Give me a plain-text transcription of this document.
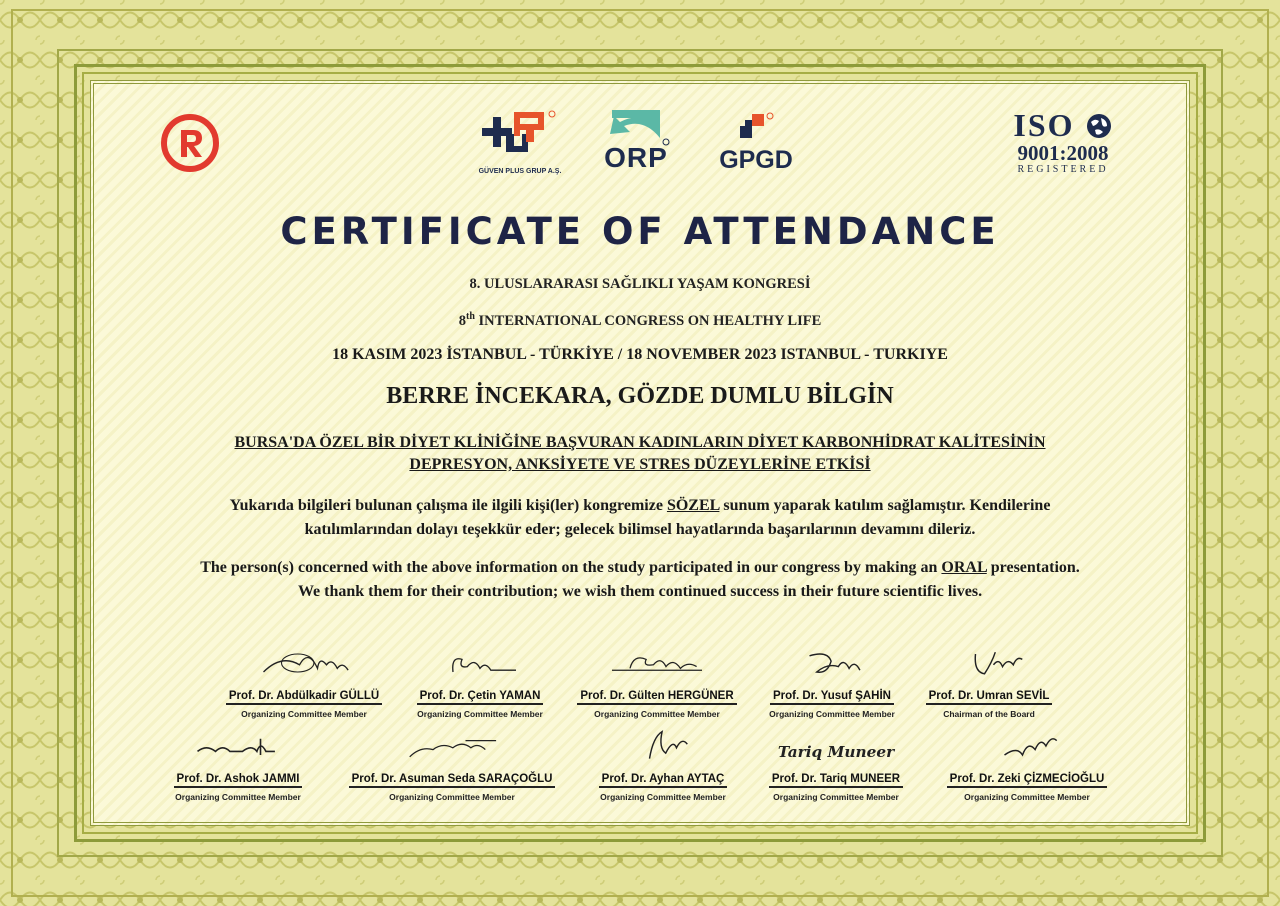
GÜVEN PLUS GRUP A.Ş.	ORP	GPGD
ISO
9001:2008
REGISTERED
CERTIFICATE OF ATTENDANCE
8. ULUSLARARASI SAĞLIKLI YAŞAM KONGRESİ
8th INTERNATIONAL CONGRESS ON HEALTHY LIFE
18 KASIM 2023 İSTANBUL - TÜRKİYE / 18 NOVEMBER 2023 ISTANBUL - TURKIYE
BERRE İNCEKARA, GÖZDE DUMLU BİLGİN
BURSA'DA ÖZEL BİR DİYET KLİNİĞİNE BAŞVURAN KADINLARIN DİYET KARBONHİDRAT KALİTESİNİN
DEPRESYON, ANKSİYETE VE STRES DÜZEYLERİNE ETKİSİ
Yukarıda bilgileri bulunan çalışma ile ilgili kişi(ler) kongremize SÖZEL sunum yaparak katılım sağlamıştır. Kendilerine
katılımlarından dolayı teşekkür eder; gelecek bilimsel hayatlarında başarılarının devamını dileriz.
The person(s) concerned with the above information on the study participated in our congress by making an ORAL presentation.
We thank them for their contribution; we wish them continued success in their future scientific lives.

Prof. Dr. Abdülkadir GÜLLÜ
Organizing Committee Member

Prof. Dr. Çetin YAMAN
Organizing Committee Member

Prof. Dr. Gülten HERGÜNER
Organizing Committee Member

Prof. Dr. Yusuf ŞAHİN
Organizing Committee Member

Prof. Dr. Umran SEVİL
Chairman of the Board

Prof. Dr. Ashok JAMMI
Organizing Committee Member

Prof. Dr. Asuman Seda SARAÇOĞLU
Organizing Committee Member

Prof. Dr. Ayhan AYTAÇ
Organizing Committee Member
Tariq Muneer

Prof. Dr. Tariq MUNEER
Organizing Committee Member

Prof. Dr. Zeki ÇİZMECİOĞLU
Organizing Committee Member
